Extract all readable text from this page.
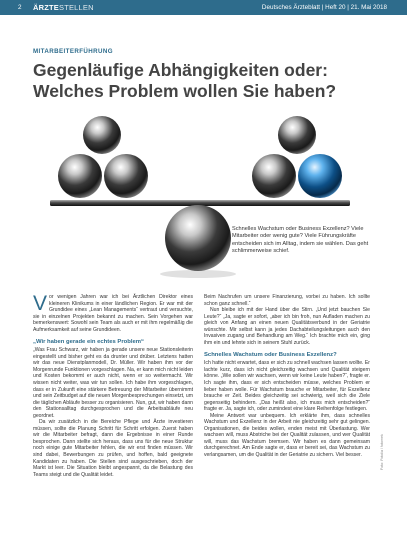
2 ÄRZTESTELLEN	Deutsches Ärzteblatt | Heft 20 | 21. Mai 2018
MITARBEITERFÜHRUNG
Gegenläufige Abhängigkeiten oder:
Welches Problem wollen Sie haben?
Schnelles Wachstum oder Business Exzellenz? Viele Mitarbeiter oder wenig gute? Viele Führungskräfte entscheiden sich im Alltag, indem sie wählen. Das geht schlimmerweise schief.

Vor wenigen Jahren war ich bei Ärztlichen Direktor eines kleineren Klinikums in einer ländlichen Region. Er war mit der Grundidee eines „Lean Managements“ vertraut und versuchte, sie in einzelnen Projekten bekannt zu machen. Sein Vorgehen war bemerkenswert: Sowohl sein Team als auch er mit ihm regelmäßig die Aufmerksamkeit auf seine Grundideen.

„Wir haben gerade ein echtes Problem“

„Was Frau Schwarz, wir haben ja gerade unsere neue Stationsleiterin eingestellt und bisher geht es da drunter und drüber. Letztens hatten wir das neue Dienstplanmodell, Dr. Müller. Wir haben ihm vor der Morgenrunde Funktionen vorgeschlagen. Na, er kann mich nicht leiden und Kosten bekommt er auch nicht, wenn er so weitermacht. Wir wissen nicht weiter, was wir tun sollen. Ich habe ihm vorgeschlagen, dass er in Zukunft eine stärkere Betreuung der Mitarbeiter übernimmt und sein Zeitbudget auf die neuen Morgenbesprechungen einsetzt, um die täglichen Abläufe besser zu organisieren. Nun, gut, wir haben dann den Stationsalltag durchgesprochen und die Arbeitsabläufe neu geordnet.

Da wir zusätzlich in die Bereiche Pflege und Ärzte investieren müssen, sollte die Planung Schritt für Schritt erfolgen. Zuerst haben wir die Mitarbeiter befragt, dann die Ergebnisse in einer Runde besprochen. Dann stellte sich heraus, dass uns für die neue Struktur noch einige gute Mitarbeiter fehlen, die wir erst finden müssen. Wir sind dabei, Bewerbungen zu prüfen, und hoffen, bald geeignete Kandidaten zu haben. Die Stellen sind ausgeschrieben, doch der Markt ist leer. Die Situation bleibt angespannt, da die Belastung des Teams steigt und die Qualität leidet.

Beim Nachrufen um unsere Finanzierung, vorbei zu haben. Ich sollte schon ganz schnell.“

Nun bleibe ich mit der Hand über die Stirn. „Und jetzt bauchen Sie Leute?“ „Ja, sagte er sofort, „aber ich bin froh, nun Aufladen machen zu gleich von Anfang an einen neuen Qualitätsverbund in der Geriatrie wünschte. Mir selbst kann ja jedes Dachabteilungsleitungen auch den Invasiven zugang und Behandlung am Weg.“ Ich brachte mich ein, ging ihm ein und lehnte sich in seinem Stuhl zurück.

Schnelles Wachstum oder Business Exzellenz?

Ich hatte nicht erwartet, dass er sich zu schnell wachsen lassen wollte. Er lachte kurz, dass ich nicht gleichzeitig wachsen und Qualität steigern könne. „Wie sollen wir wachsen, wenn wir keine Leute haben?“, fragte er. Ich sagte ihm, dass er sich entscheiden müsse, welches Problem er lieber haben wolle. Für Wachstum brauche er Mitarbeiter, für Exzellenz brauche er Zeit. Beides gleichzeitig sei schwierig, weil sich die Ziele gegenseitig behindern. „Das heißt also, ich muss mich entscheiden?“ fragte er. Ja, sagte ich, oder zumindest eine klare Reihenfolge festlegen.

Meine Antwort war unbequem. Ich erklärte ihm, dass schnelles Wachstum und Exzellenz in der Arbeit nie gleichzeitig sehr gut gelingen. Organisationen, die beides wollen, enden meist mit Überlastung. Wer wachsen will, muss Abstriche bei der Qualität zulassen, und wer Qualität will, muss das Wachstum bremsen. Wir haben es dann gemeinsam durchgerechnet. Am Ende sagte er, dass er bereit sei, das Wachstum zu verlangsamen, um die Qualität in der Geriatrie zu sichern. Viel besser.	Foto: Fotolia / fotomek
